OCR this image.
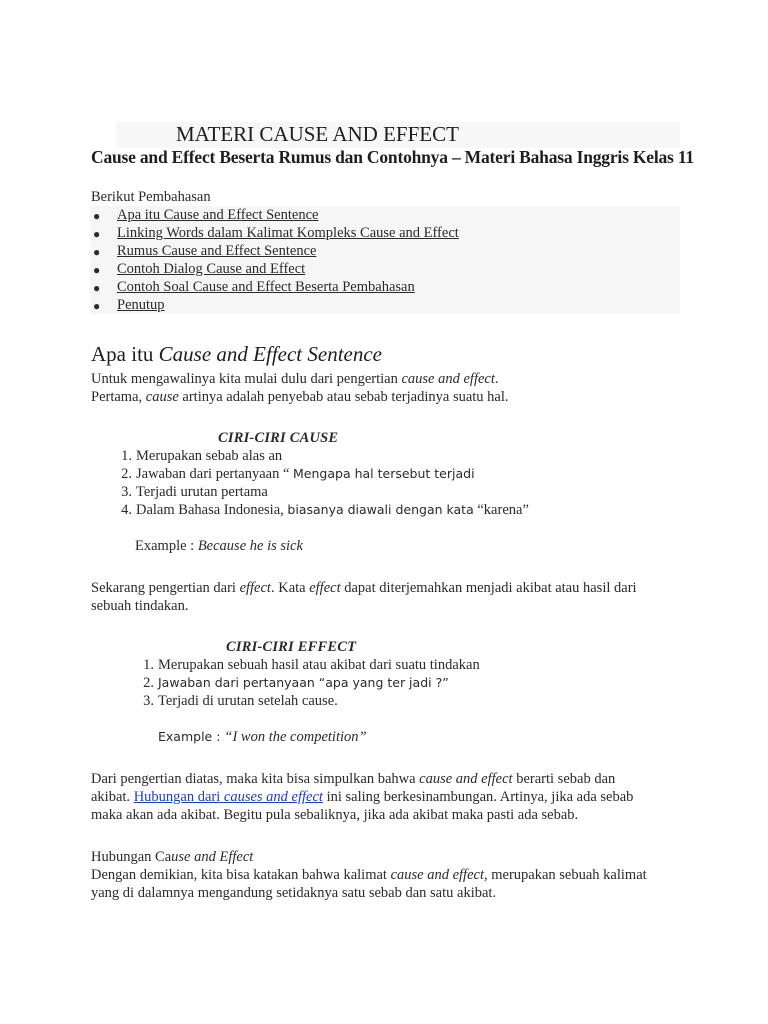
MATERI CAUSE AND EFFECT
Cause and Effect Beserta Rumus dan Contohnya – Materi Bahasa Inggris Kelas 11
Berikut Pembahasan
● Apa itu Cause and Effect Sentence
● Linking Words dalam Kalimat Kompleks Cause and Effect
● Rumus Cause and Effect Sentence
● Contoh Dialog Cause and Effect
● Contoh Soal Cause and Effect Beserta Pembahasan
● Penutup
Apa itu Cause and Effect Sentence
Untuk mengawalinya kita mulai dulu dari pengertian cause and effect.
Pertama, cause artinya adalah penyebab atau sebab terjadinya suatu hal.
CIRI-CIRI CAUSE
1. Merupakan sebab alas an
2. Jawaban dari pertanyaan “ Mengapa hal tersebut terjadi
3. Terjadi urutan pertama
4. Dalam Bahasa Indonesia, biasanya diawali dengan kata “karena”
Example : Because he is sick
Sekarang pengertian dari effect. Kata effect dapat diterjemahkan menjadi akibat atau hasil dari
sebuah tindakan.
CIRI-CIRI EFFECT
1. Merupakan sebuah hasil atau akibat dari suatu tindakan
2. Jawaban dari pertanyaan “apa yang ter jadi ?”
3. Terjadi di urutan setelah cause.
Example : “I won the competition”
Dari pengertian diatas, maka kita bisa simpulkan bahwa cause and effect berarti sebab dan
akibat. Hubungan dari causes and effect ini saling berkesinambungan. Artinya, jika ada sebab
maka akan ada akibat. Begitu pula sebaliknya, jika ada akibat maka pasti ada sebab.
Hubungan Cause and Effect
Dengan demikian, kita bisa katakan bahwa kalimat cause and effect, merupakan sebuah kalimat
yang di dalamnya mengandung setidaknya satu sebab dan satu akibat.
